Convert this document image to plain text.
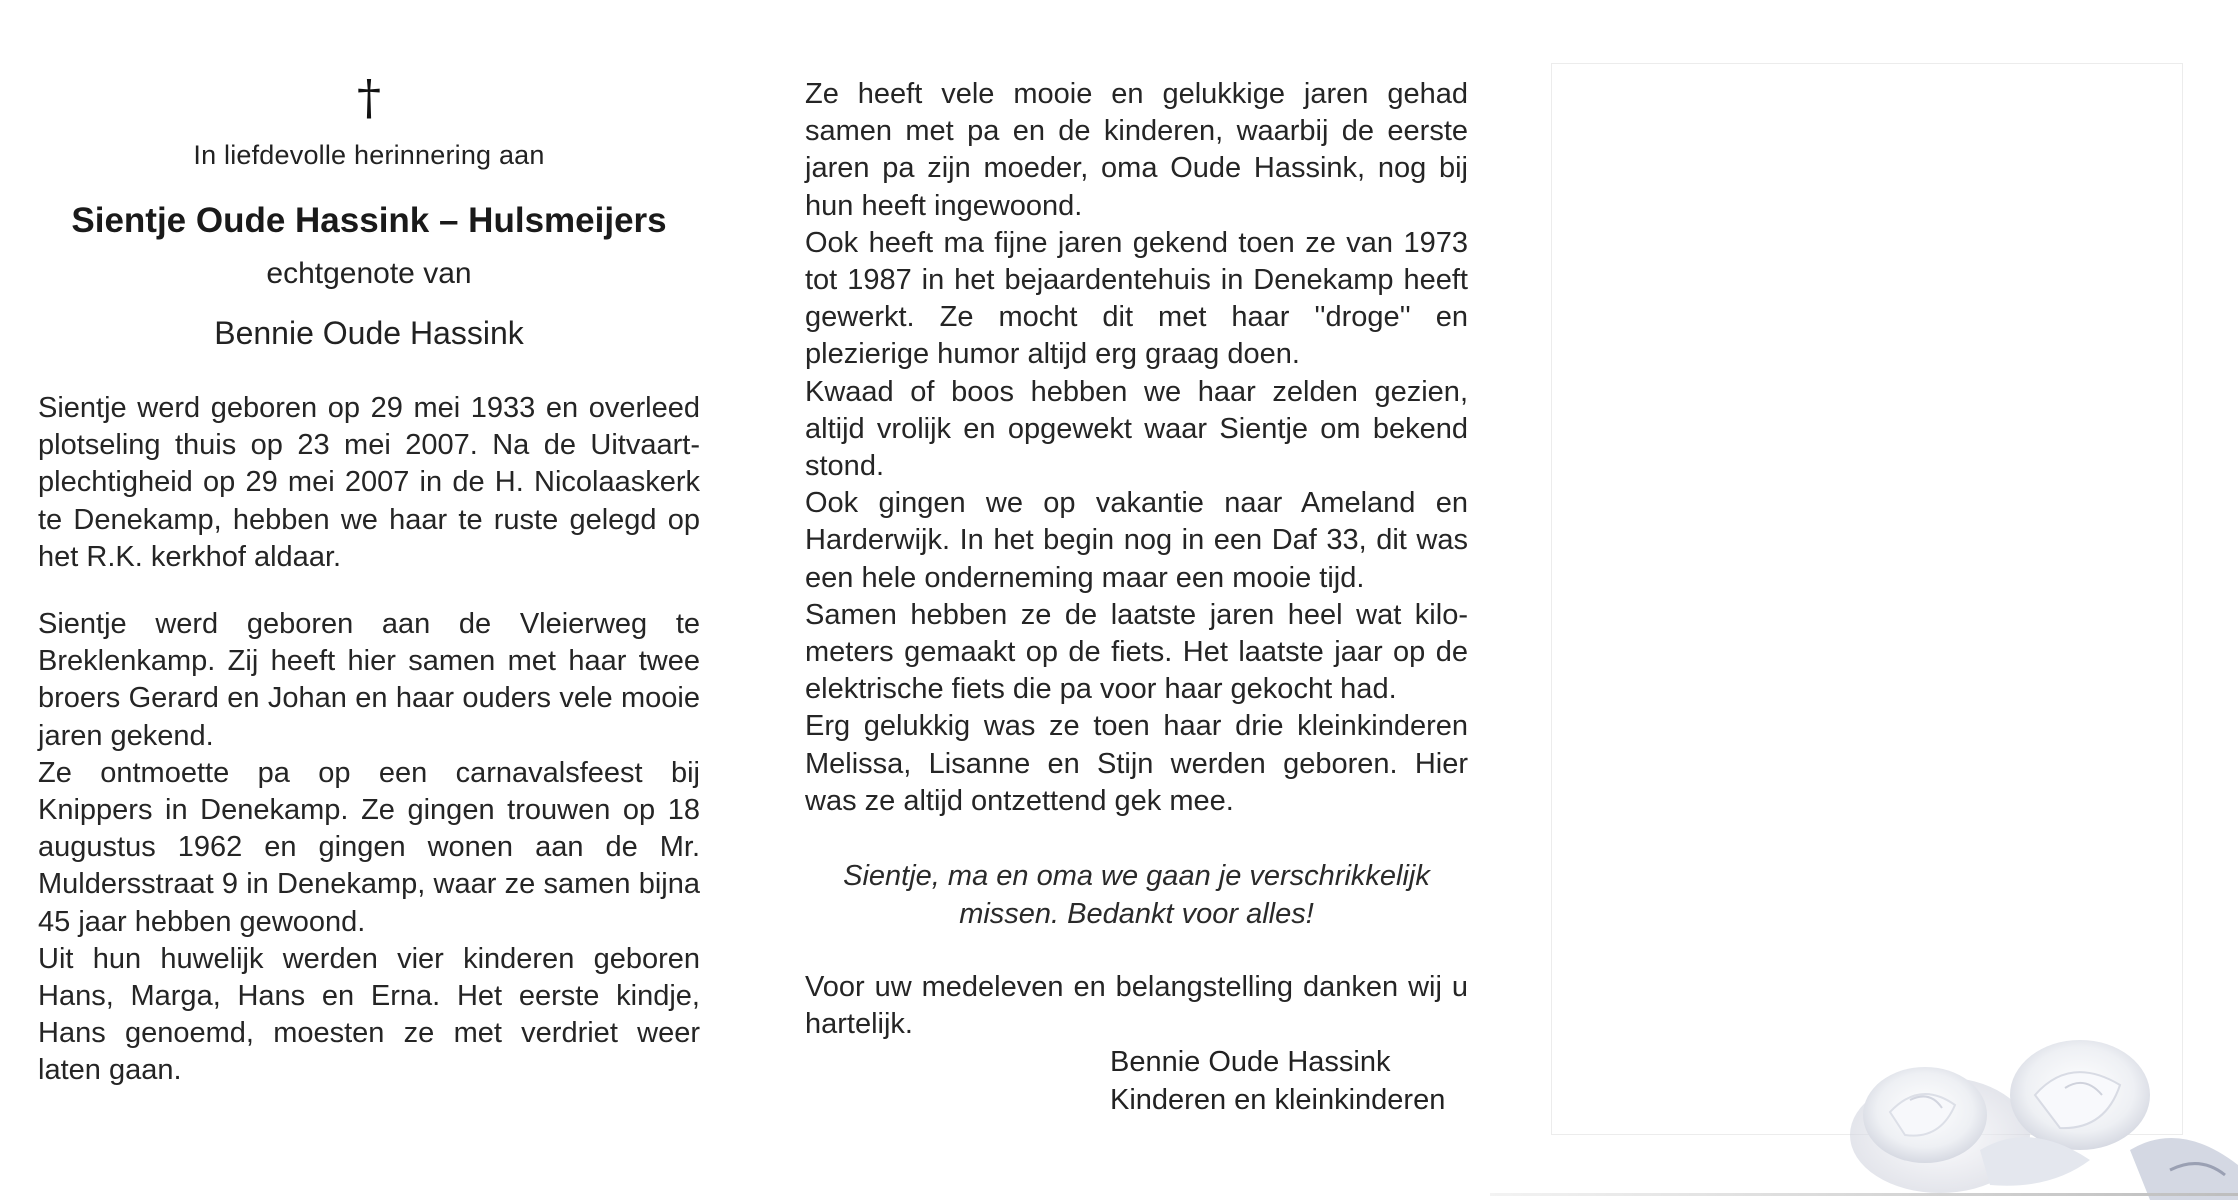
†
In liefdevolle herinnering aan
Sientje Oude Hassink – Hulsmeijers
echtgenote van
Bennie Oude Hassink

Sientje werd geboren op 29 mei 1933 en overleed plotseling thuis op 23 mei 2007. Na de Uitvaartplechtigheid op 29 mei 2007 in de H. Nicolaaskerk te Denekamp, hebben we haar te ruste gelegd op het R.K. kerkhof aldaar.

Sientje werd geboren aan de Vleierweg te Breklenkamp. Zij heeft hier samen met haar twee broers Gerard en Johan en haar ouders vele mooie jaren gekend.

Ze ontmoette pa op een carnavalsfeest bij Knippers in Denekamp. Ze gingen trouwen op 18 augustus 1962 en gingen wonen aan de Mr. Muldersstraat 9 in Denekamp, waar ze samen bijna 45 jaar hebben gewoond.

Uit hun huwelijk werden vier kinderen geboren Hans, Marga, Hans en Erna. Het eerste kindje, Hans genoemd, moesten ze met verdriet weer laten gaan.

Ze heeft vele mooie en gelukkige jaren gehad samen met pa en de kinderen, waarbij de eerste jaren pa zijn moeder, oma Oude Hassink, nog bij hun heeft ingewoond.

Ook heeft ma fijne jaren gekend toen ze van 1973 tot 1987 in het bejaardentehuis in Denekamp heeft gewerkt. Ze mocht dit met haar ''droge'' en plezierige humor altijd erg graag doen.

Kwaad of boos hebben we haar zelden gezien, altijd vrolijk en opgewekt waar Sientje om bekend stond.

Ook gingen we op vakantie naar Ameland en Harderwijk. In het begin nog in een Daf 33, dit was een hele onderneming maar een mooie tijd.

Samen hebben ze de laatste jaren heel wat kilometers gemaakt op de fiets. Het laatste jaar op de elektrische fiets die pa voor haar gekocht had.

Erg gelukkig was ze toen haar drie kleinkinderen Melissa, Lisanne en Stijn werden geboren. Hier was ze altijd ontzettend gek mee.

Sientje, ma en oma we gaan je verschrikkelijk
missen. Bedankt voor alles!

Voor uw medeleven en belangstelling danken wij u hartelijk.

Bennie Oude Hassink
Kinderen en kleinkinderen
